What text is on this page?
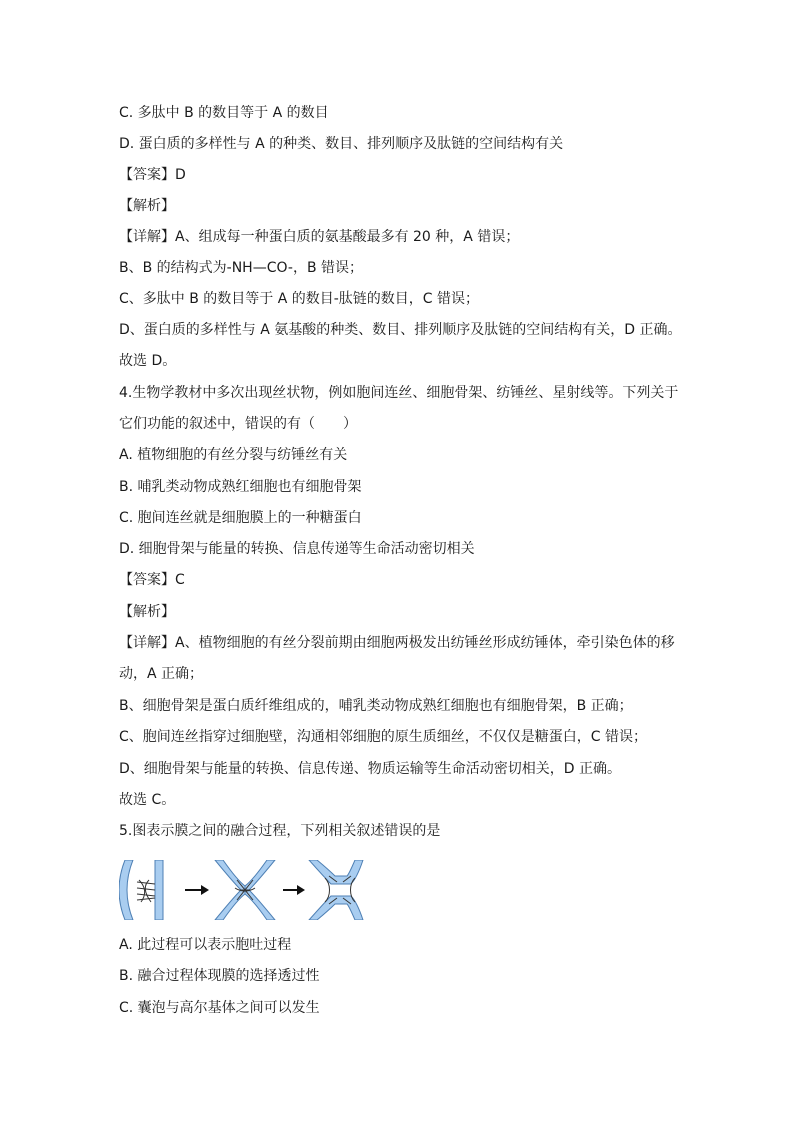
C. 多肽中 B 的数目等于 A 的数目
D. 蛋白质的多样性与 A 的种类、数目、排列顺序及肽链的空间结构有关
【答案】D
【解析】
【详解】A、组成每一种蛋白质的氨基酸最多有 20 种，A 错误；
B、B 的结构式为-NH—CO-，B 错误；
C、多肽中 B 的数目等于 A 的数目-肽链的数目，C 错误；
D、蛋白质的多样性与 A 氨基酸的种类、数目、排列顺序及肽链的空间结构有关，D 正确。
故选 D。
4.生物学教材中多次出现丝状物，例如胞间连丝、细胞骨架、纺锤丝、星射线等。下列关于
它们功能的叙述中，错误的有（　　）
A. 植物细胞的有丝分裂与纺锤丝有关
B. 哺乳类动物成熟红细胞也有细胞骨架
C. 胞间连丝就是细胞膜上的一种糖蛋白
D. 细胞骨架与能量的转换、信息传递等生命活动密切相关
【答案】C
【解析】
【详解】A、植物细胞的有丝分裂前期由细胞两极发出纺锤丝形成纺锤体，牵引染色体的移
动，A 正确；
B、细胞骨架是蛋白质纤维组成的，哺乳类动物成熟红细胞也有细胞骨架，B 正确；
C、胞间连丝指穿过细胞壁，沟通相邻细胞的原生质细丝，不仅仅是糖蛋白，C 错误；
D、细胞骨架与能量的转换、信息传递、物质运输等生命活动密切相关，D 正确。
故选 C。
5.图表示膜之间的融合过程，下列相关叙述错误的是
A. 此过程可以表示胞吐过程
B. 融合过程体现膜的选择透过性
C. 囊泡与高尔基体之间可以发生
